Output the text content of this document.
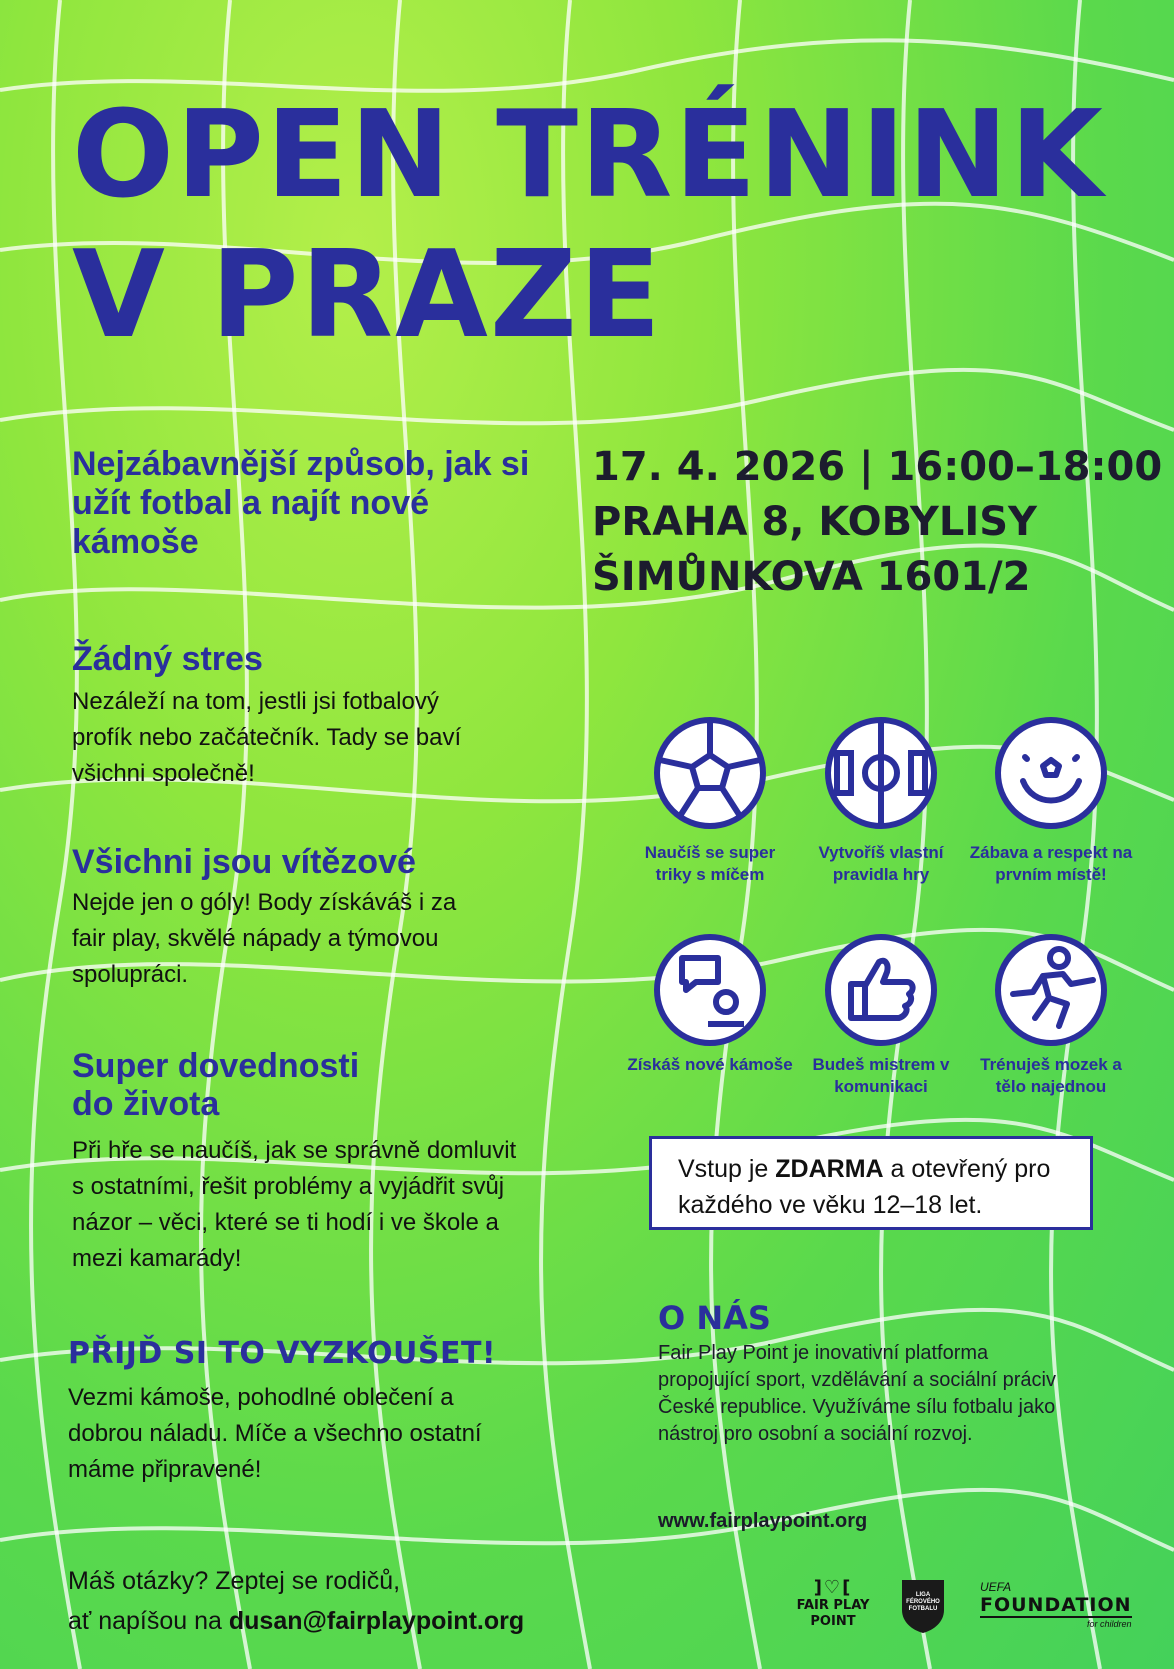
OPEN TRÉNINK
V PRAZE

Nejzábavnější způsob, jak si užít fotbal a najít nové kámoše

17. 4. 2026 | 16:00–18:00
PRAHA 8, KOBYLISY
ŠIMŮNKOVA 1601/2
Žádný stres

Nezáleží na tom, jestli jsi fotbalový profík nebo začátečník. Tady se baví všichni společně!

Všichni jsou vítězové

Nejde jen o góly! Body získáváš i za fair play, skvělé nápady a týmovou spolupráci.

Super dovednosti do života

Při hře se naučíš, jak se správně domluvit s ostatními, řešit problémy a vyjádřit svůj názor – věci, které se ti hodí i ve škole a mezi kamarády!

PŘIJĎ SI TO VYZKOUŠET!

Vezmi kámoše, pohodlné oblečení a dobrou náladu. Míče a všechno ostatní máme připravené!

Naučíš se super triky s míčem
Vytvoříš vlastní pravidla hry
Zábava a respekt na prvním místě!
Získáš nové kámoše	Budeš mistrem v komunikaci
Trénuješ mozek a tělo najednou
Vstup je ZDARMA a otevřený pro každého ve věku 12–18 let.
O NÁS

Fair Play Point je inovativní platforma propojující sport, vzdělávání a sociální práciv České republice. Využíváme sílu fotbalu jako nástroj pro osobní a sociální rozvoj.

www.fairplaypoint.org
Máš otázky? Zeptej se rodičů,
ať napíšou na dusan@fairplaypoint.org
]♡[
FAIR PLAY POINT
LIGA FÉROVÉHO FOTBALU
UEFA
FOUNDATION
for children
